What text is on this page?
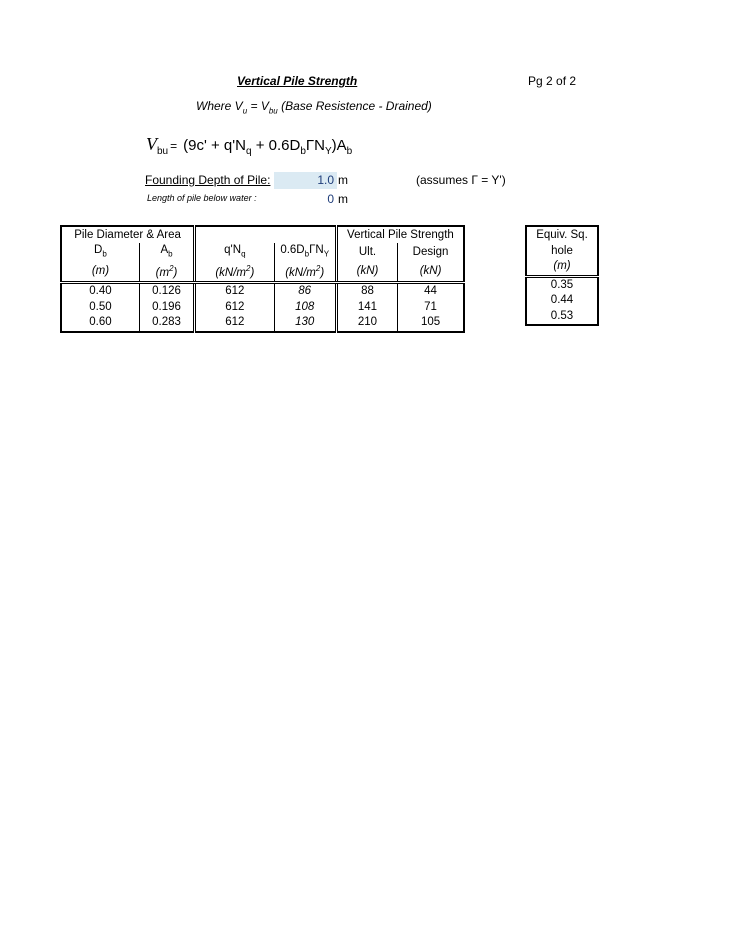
Vertical Pile Strength	Pg 2 of 2
Where $V_u = V_{bu}$ (Base Resistence - Drained)
$V_{bu} = (9c' + q'N_q + 0.6D_b\Gamma N_Y)A_b$
Founding Depth of Pile:	1.0 m	(assumes Γ = Υ')
Length of pile below water :	0 m
Pile Diameter & Area				Vertical Pile Strength	
$D_b$	$A_b$	$q'N_q$	$0.6D_b\Gamma N_Y$	Ult.	Design
(m)	$(m^2)$	$(kN/m^2)$	$(kN/m^2)$	(kN)	(kN)
0.40	0.126	612	86	88	44
0.50	0.196	612	108	141	71
0.60	0.283	612	130	210	105
Equiv. Sq.
hole
(m)
0.35
0.44
0.53
